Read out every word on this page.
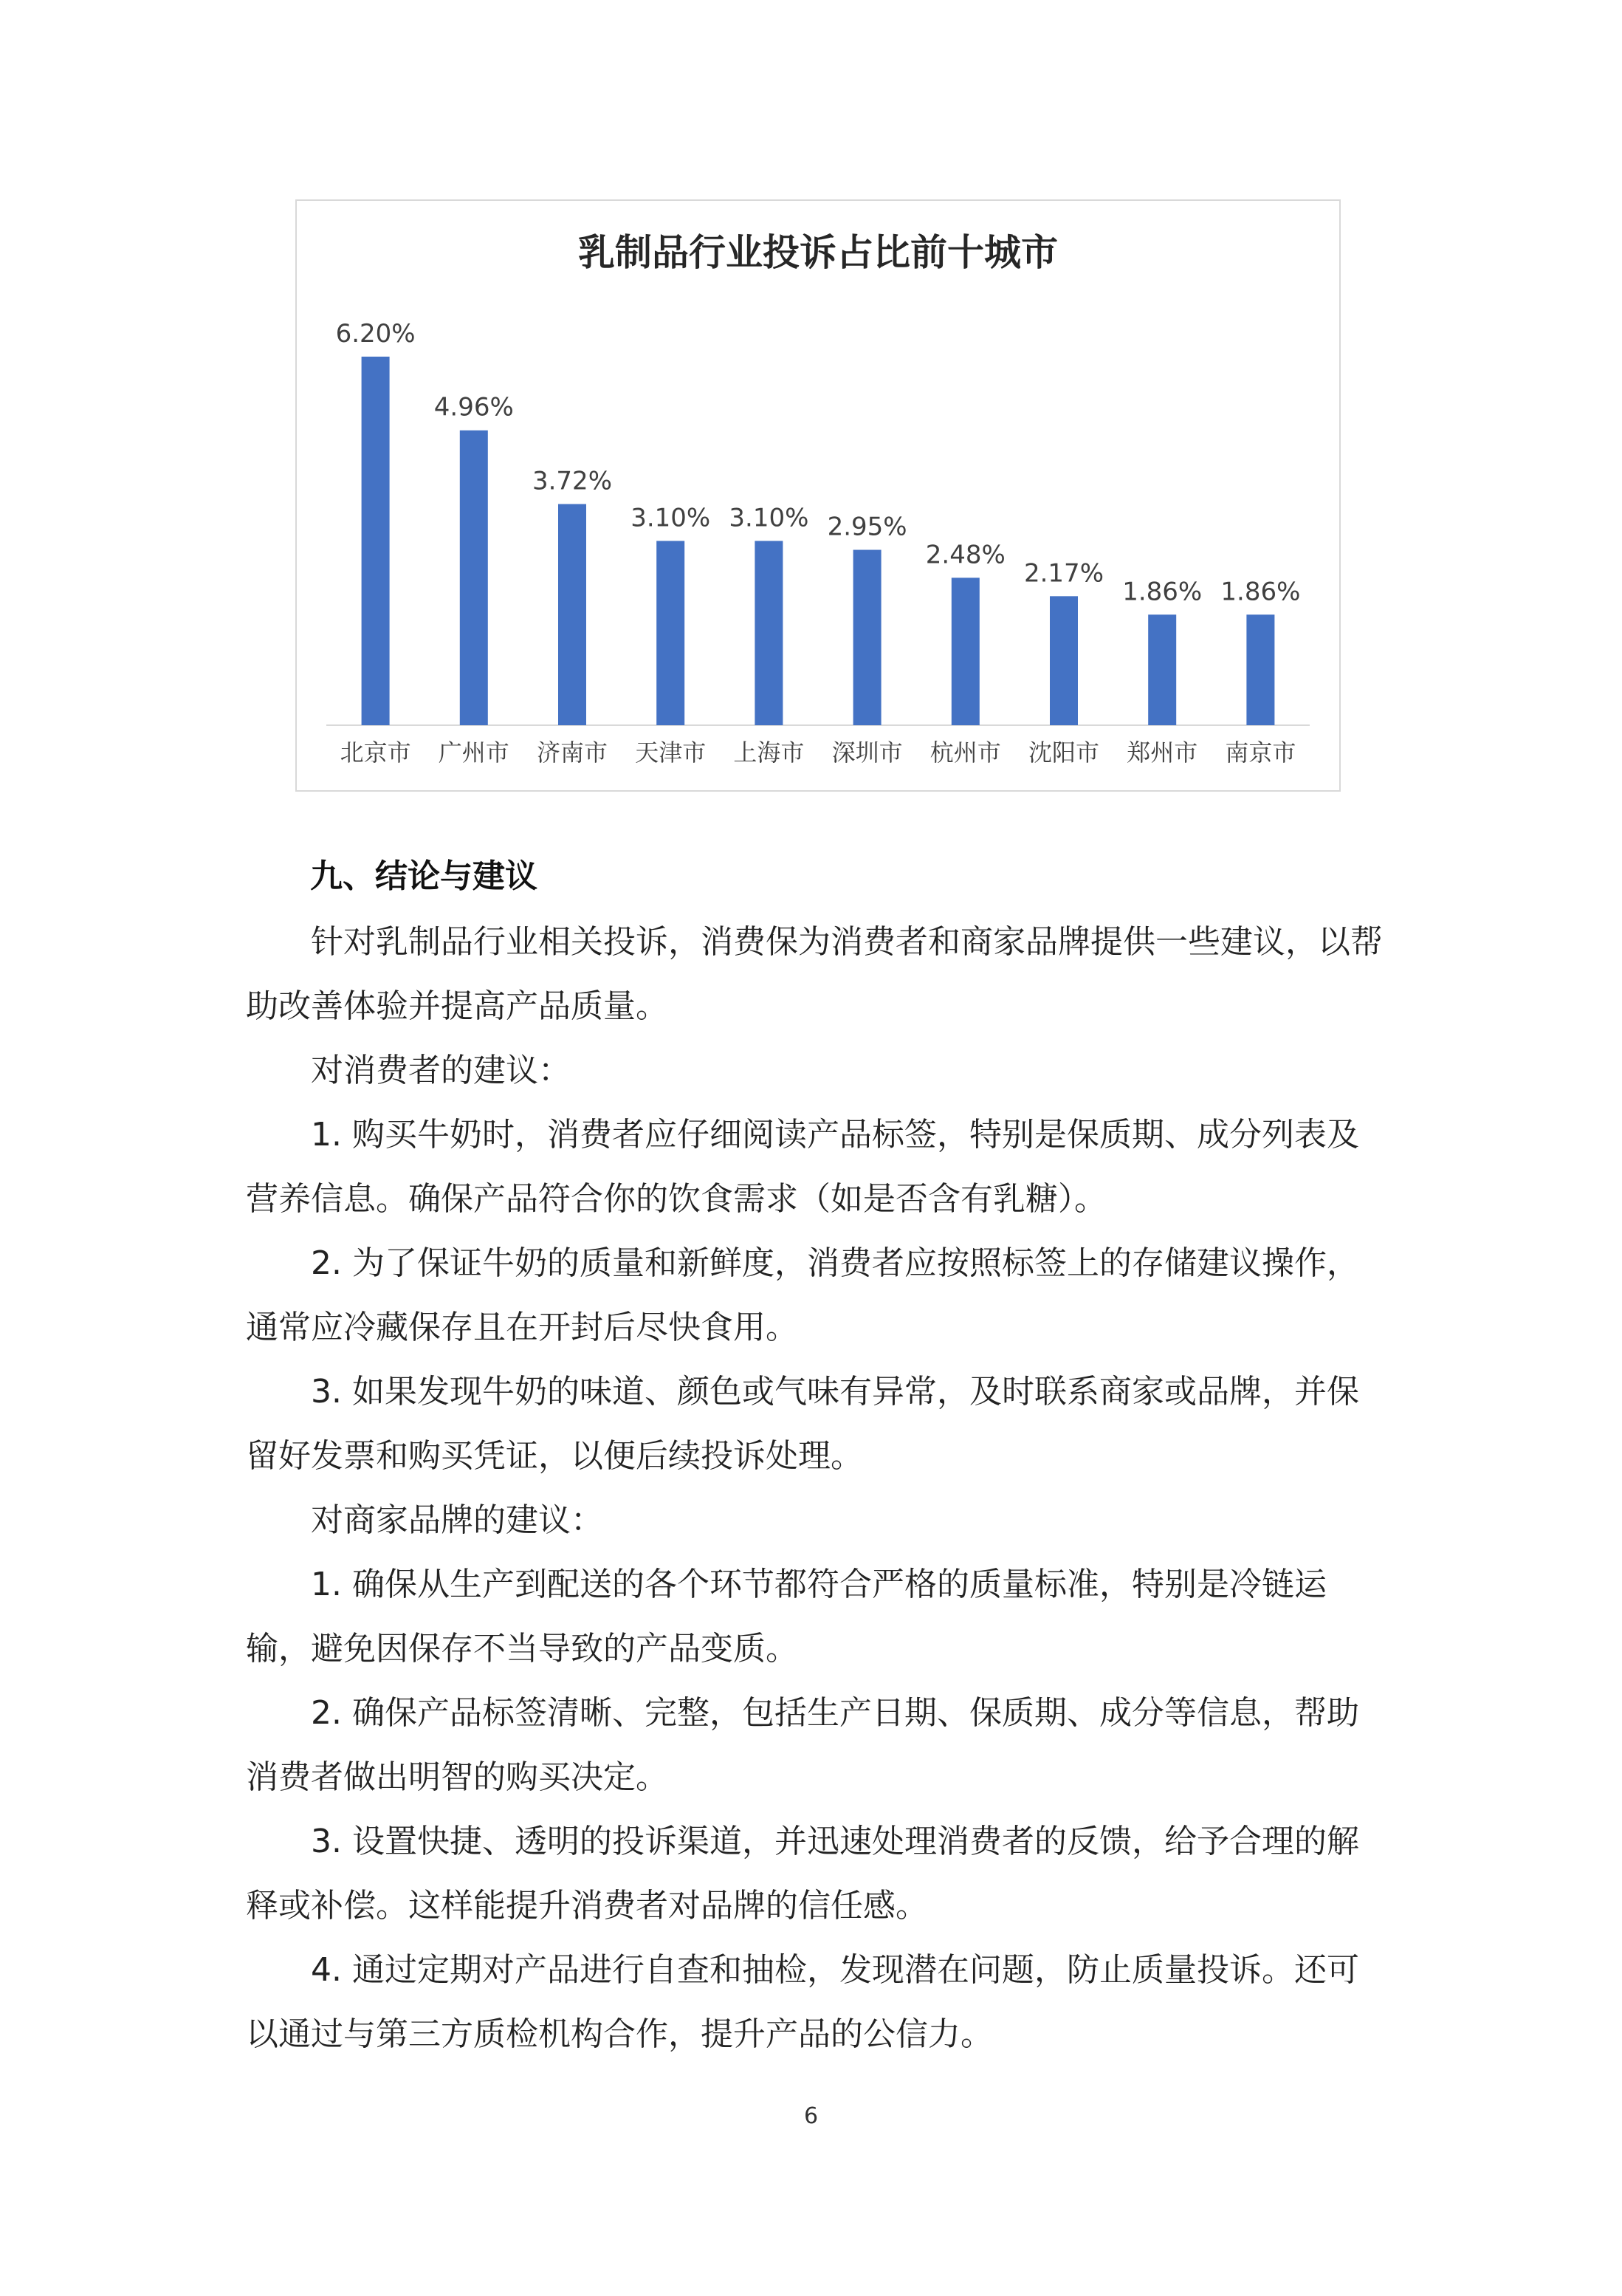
乳制品行业投诉占比前十城市
6.20%
北京市
4.96%
广州市
3.72%
济南市
3.10%
天津市
3.10%
上海市
2.95%
深圳市
2.48%
杭州市
2.17%
沈阳市
1.86%
郑州市
1.86%
南京市
九、结论与建议

针对乳制品行业相关投诉，消费保为消费者和商家品牌提供一些建议，以帮助改善体验并提高产品质量。

对消费者的建议：

1. 购买牛奶时，消费者应仔细阅读产品标签，特别是保质期、成分列表及营养信息。确保产品符合你的饮食需求（如是否含有乳糖）。

2. 为了保证牛奶的质量和新鲜度，消费者应按照标签上的存储建议操作，通常应冷藏保存且在开封后尽快食用。

3. 如果发现牛奶的味道、颜色或气味有异常，及时联系商家或品牌，并保留好发票和购买凭证，以便后续投诉处理。

对商家品牌的建议：

1. 确保从生产到配送的各个环节都符合严格的质量标准，特别是冷链运输，避免因保存不当导致的产品变质。

2. 确保产品标签清晰、完整，包括生产日期、保质期、成分等信息，帮助消费者做出明智的购买决定。

3. 设置快捷、透明的投诉渠道，并迅速处理消费者的反馈，给予合理的解释或补偿。这样能提升消费者对品牌的信任感。

4. 通过定期对产品进行自查和抽检，发现潜在问题，防止质量投诉。还可以通过与第三方质检机构合作，提升产品的公信力。

6
